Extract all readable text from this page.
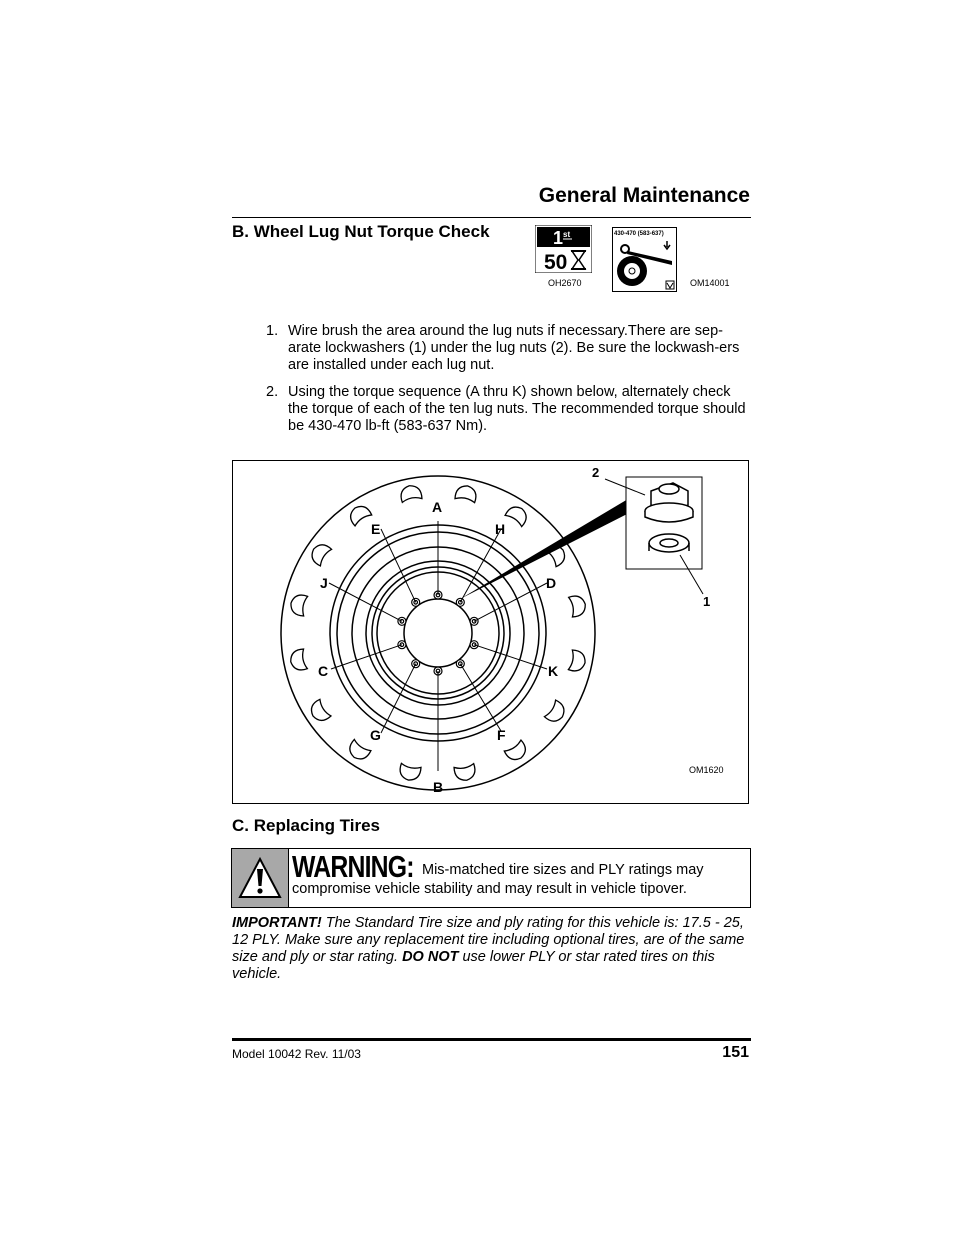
General Maintenance
B. Wheel Lug Nut Torque Check	1 st
50
OH2670
430-470 (583-637)
OM14001
1. Wire brush the area around the lug nuts if necessary.There are sep-arate lockwashers (1) under the lug nuts (2). Be sure the lockwash-ers are installed under each lug nut.
2. Using the torque sequence (A thru K) shown below, alternately check the torque of each of the ten lug nuts. The recommended torque should be 430-470 lb-ft (583-637 Nm).
A
E	H
J	D
C	K
G	F
B
2
1
OM1620
C. Replacing Tires
WARNING: Mis-matched tire sizes and PLY ratings may
compromise vehicle stability and may result in vehicle tipover.
IMPORTANT! The Standard Tire size and ply rating for this vehicle is: 17.5 - 25, 12 PLY. Make sure any replacement tire including optional tires, are of the same size and ply or star rating. DO NOT use lower PLY or star rated tires on this vehicle.
Model 10042 Rev. 11/03	151
